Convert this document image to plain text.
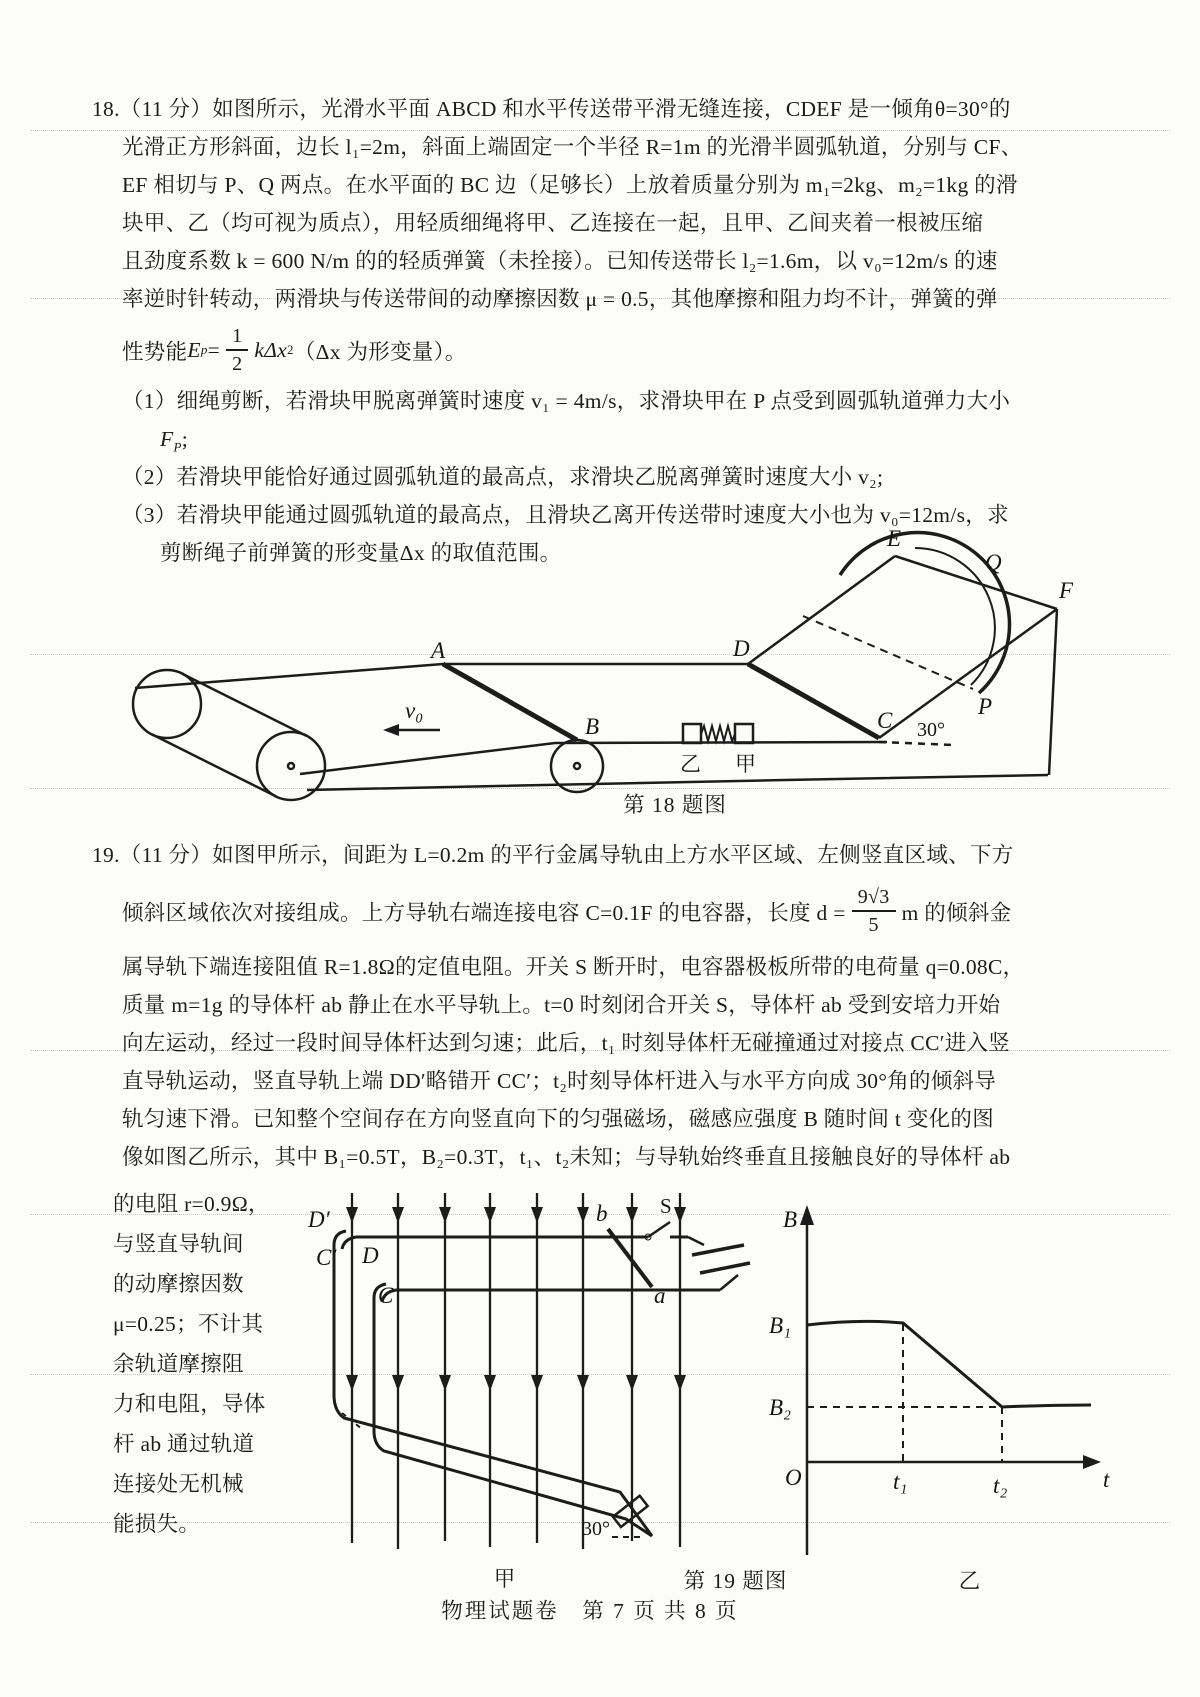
18.（11 分）如图所示，光滑水平面 ABCD 和水平传送带平滑无缝连接，CDEF 是一倾角θ=30°的
光滑正方形斜面，边长 l₁=2m，斜面上端固定一个半径 R=1m 的光滑半圆弧轨道，分别与 CF、
EF 相切与 P、Q 两点。在水平面的 BC 边（足够长）上放着质量分别为 m₁=2kg、m₂=1kg 的滑
块甲、乙（均可视为质点），用轻质细绳将甲、乙连接在一起，且甲、乙间夹着一根被压缩
且劲度系数 k = 600 N/m 的的轻质弹簧（未拴接）。已知传送带长 l₂=1.6m，以 v₀=12m/s 的速
率逆时针转动，两滑块与传送带间的动摩擦因数 μ = 0.5，其他摩擦和阻力均不计，弹簧的弹
性势能 E $p = \frac{1}{2}$ kΔx 2 （Δx 为形变量）。
（1）细绳剪断，若滑块甲脱离弹簧时速度 v₁ = 4m/s，求滑块甲在 P 点受到圆弧轨道弹力大小
$F_P$;
（2）若滑块甲能恰好通过圆弧轨道的最高点，求滑块乙脱离弹簧时速度大小 v₂;
（3）若滑块甲能通过圆弧轨道的最高点，且滑块乙离开传送带时速度大小也为 v₀=12m/s，求
剪断绳子前弹簧的形变量Δx 的取值范围。
A
B	C
D
E
F
P
Q
30°
v₀
乙 甲
第 18 题图
19.（11 分）如图甲所示，间距为 L=0.2m 的平行金属导轨由上方水平区域、左侧竖直区域、下方
倾斜区域依次对接组成。上方导轨右端连接电容 C=0.1F 的电容器，长度 $d = \frac{9√3}{5}$ m 的倾斜金
属导轨下端连接阻值 R=1.8Ω的定值电阻。开关 S 断开时，电容器极板所带的电荷量 q=0.08C，
质量 m=1g 的导体杆 ab 静止在水平导轨上。t=0 时刻闭合开关 S，导体杆 ab 受到安培力开始
向左运动，经过一段时间导体杆达到匀速；此后，t₁ 时刻导体杆无碰撞通过对接点 CC′进入竖
直导轨运动，竖直导轨上端 DD′略错开 CC′；t₂时刻导体杆进入与水平方向成 30°角的倾斜导
轨匀速下滑。已知整个空间存在方向竖直向下的匀强磁场，磁感应强度 B 随时间 t 变化的图
像如图乙所示，其中 B₁=0.5T，B₂=0.3T，t₁、t₂未知；与导轨始终垂直且接触良好的导体杆 ab
的电阻 r=0.9Ω，
与竖直导轨间
的动摩擦因数
μ=0.25；不计其
余轨道摩擦阻
力和电阻，导体
杆 ab 通过轨道
连接处无机械
能损失。
D′
C′ D
C
b
a
S
30°
B
B₁
B₂
O	t₁	t₂	t
甲	第 19 题图	乙
物理试题卷　第 7 页 共 8 页
